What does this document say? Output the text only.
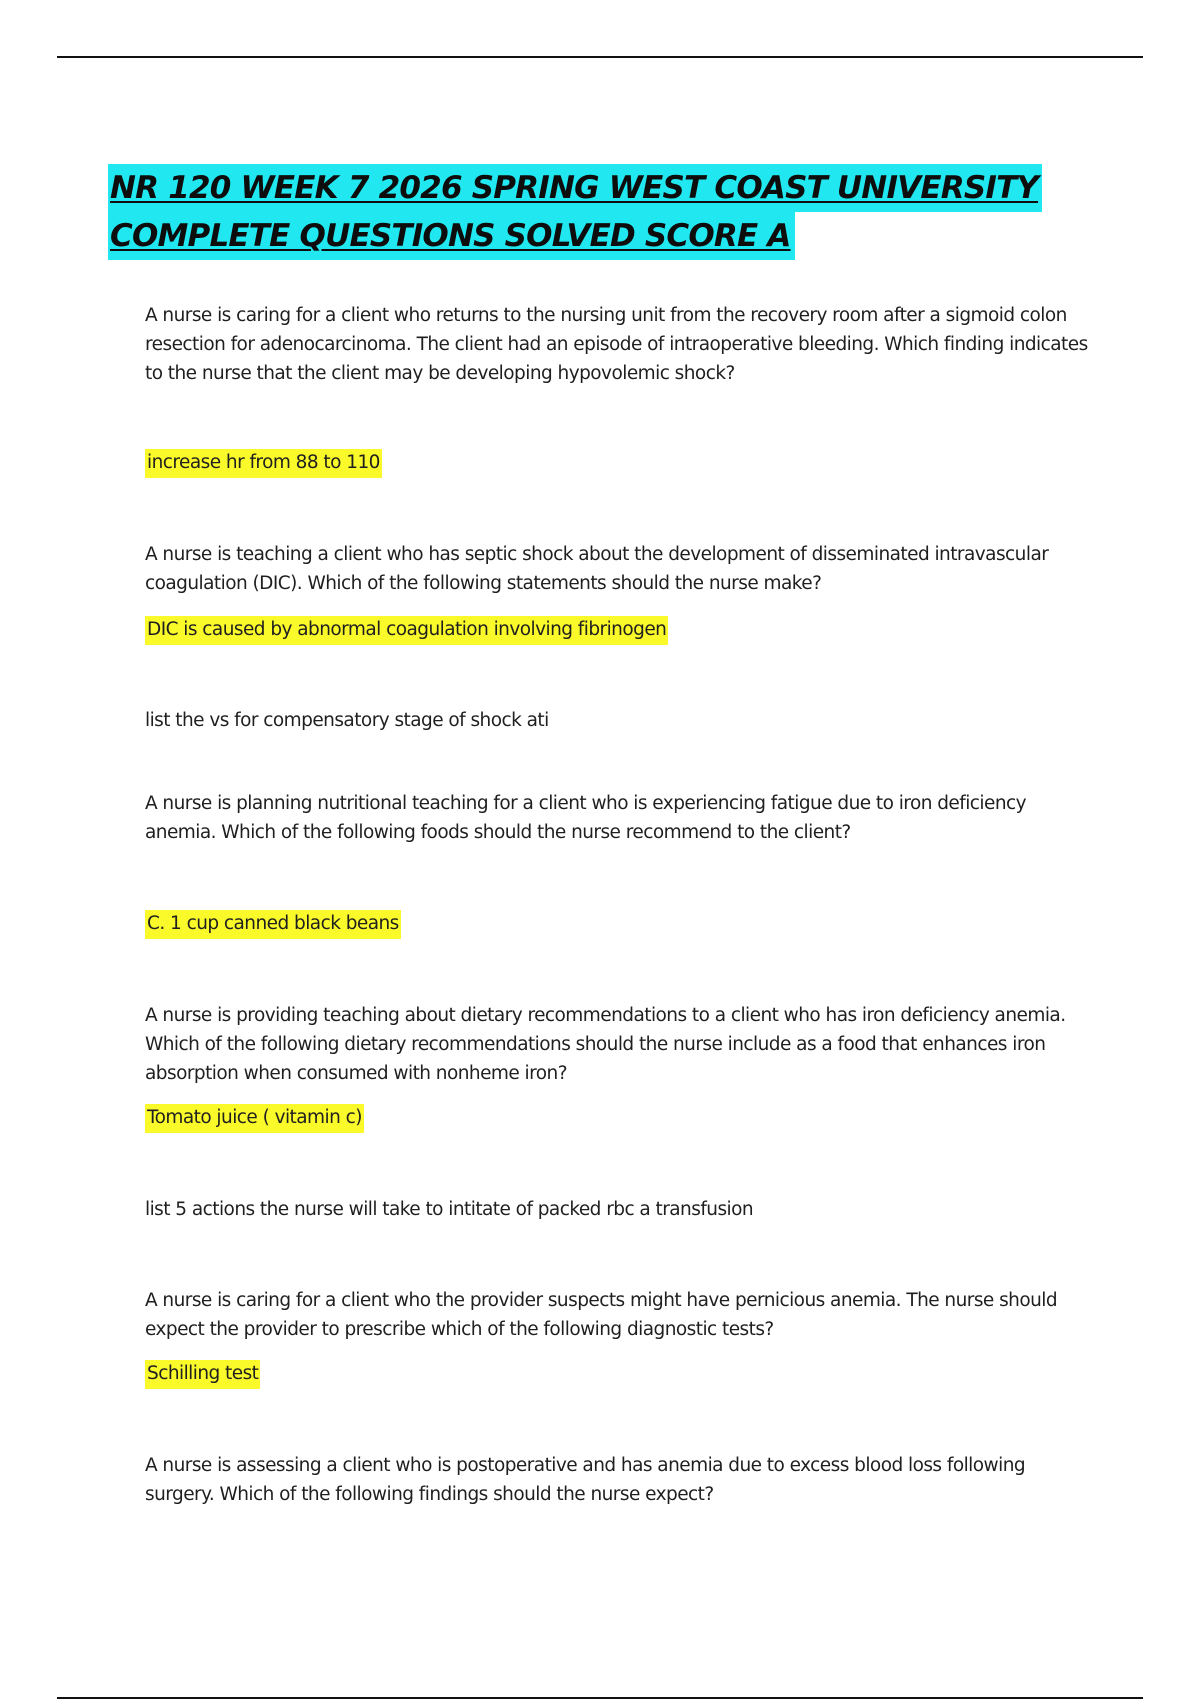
NR 120 WEEK 7 2026 SPRING WEST COAST UNIVERSITY
COMPLETE QUESTIONS SOLVED SCORE A

A nurse is caring for a client who returns to the nursing unit from the recovery room after a sigmoid colon resection for adenocarcinoma. The client had an episode of intraoperative bleeding. Which finding indicates to the nurse that the client may be developing hypovolemic shock?

increase hr from 88 to 110

A nurse is teaching a client who has septic shock about the development of disseminated intravascular coagulation (DIC). Which of the following statements should the nurse make?

DIC is caused by abnormal coagulation involving fibrinogen

list the vs for compensatory stage of shock ati

A nurse is planning nutritional teaching for a client who is experiencing fatigue due to iron deficiency anemia. Which of the following foods should the nurse recommend to the client?

C. 1 cup canned black beans

A nurse is providing teaching about dietary recommendations to a client who has iron deficiency anemia. Which of the following dietary recommendations should the nurse include as a food that enhances iron absorption when consumed with nonheme iron?

Tomato juice ( vitamin c)

list 5 actions the nurse will take to intitate of packed rbc a transfusion

A nurse is caring for a client who the provider suspects might have pernicious anemia. The nurse should expect the provider to prescribe which of the following diagnostic tests?

Schilling test

A nurse is assessing a client who is postoperative and has anemia due to excess blood loss following surgery. Which of the following findings should the nurse expect?
